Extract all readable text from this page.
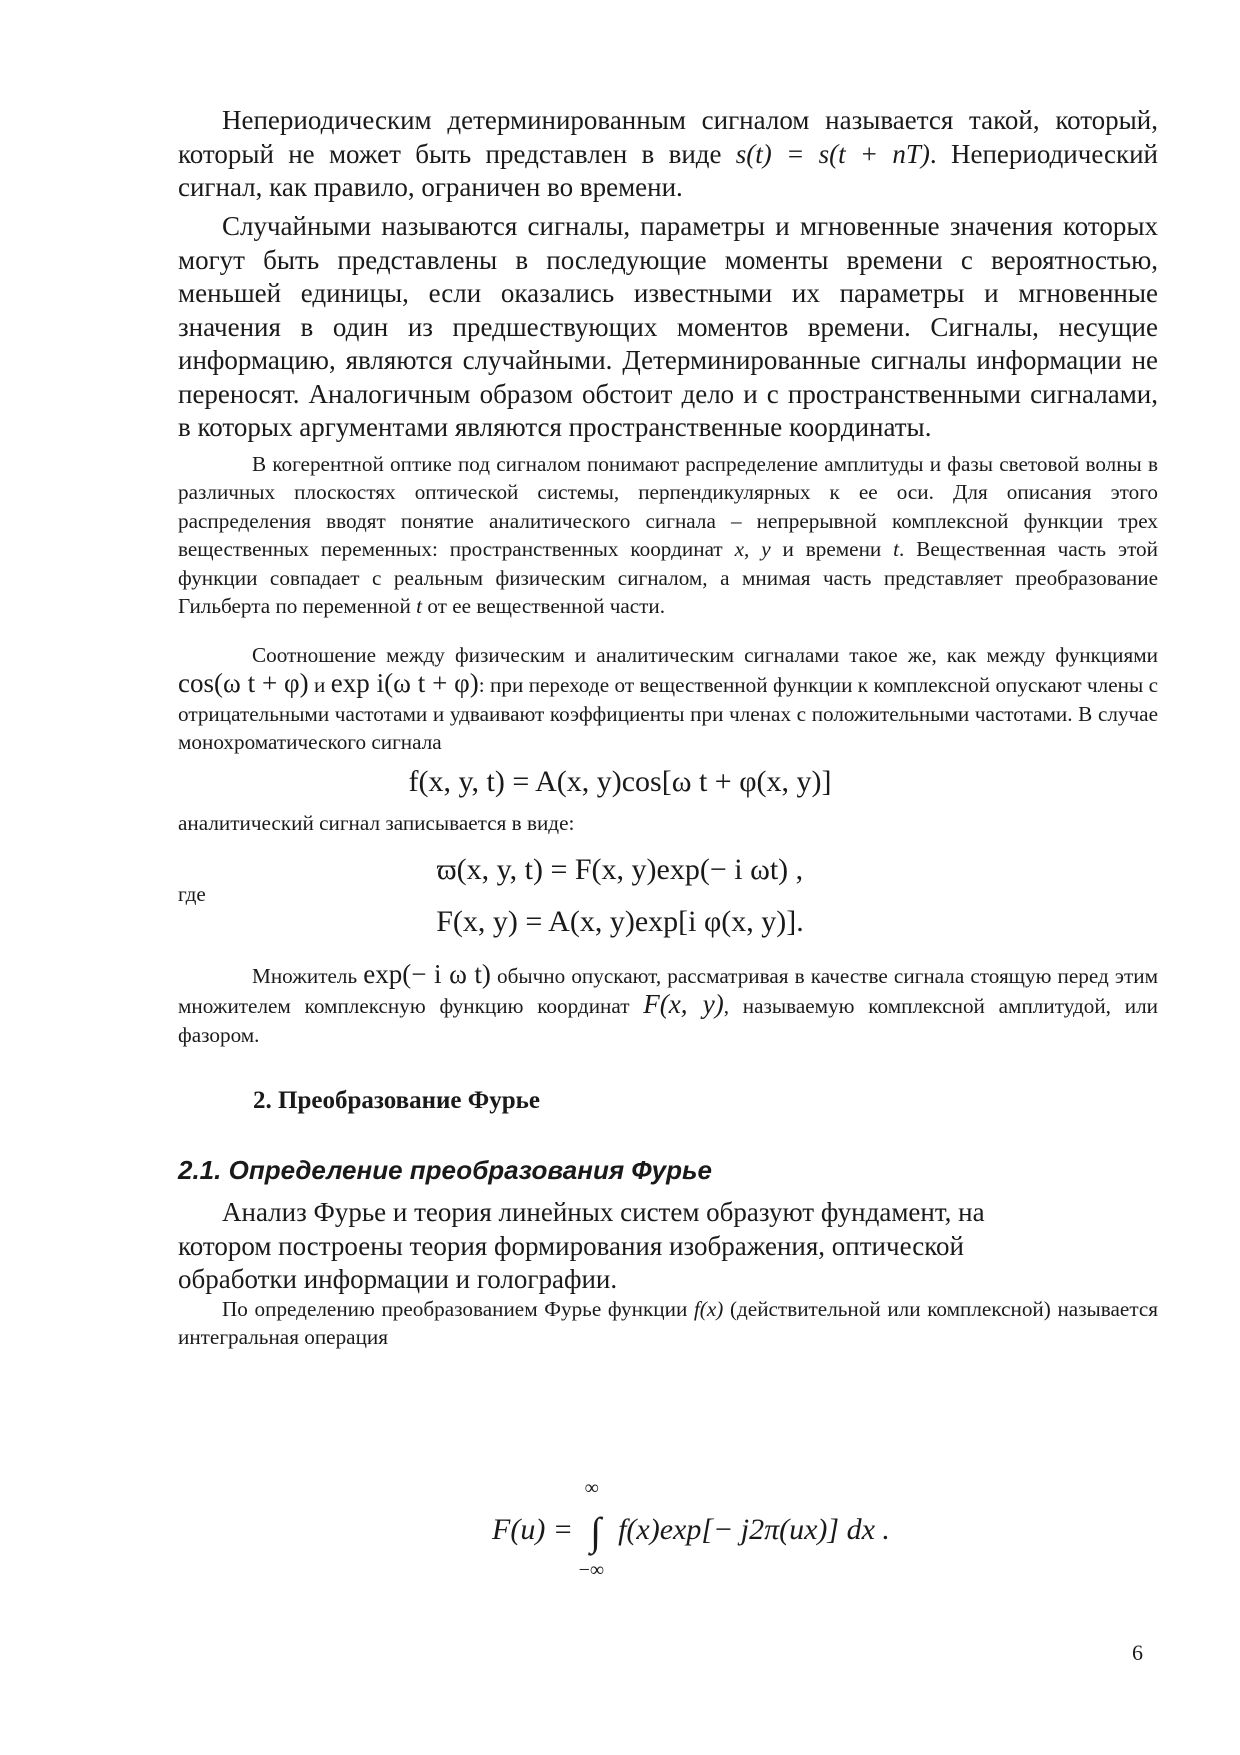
Непериодическим детерминированным сигналом называется такой, который, который не может быть представлен в виде s(t) = s(t + nT). Непериодический сигнал, как правило, ограничен во времени.

Случайными называются сигналы, параметры и мгновенные значения которых могут быть представлены в последующие моменты времени с вероятностью, меньшей единицы, если оказались известными их параметры и мгновенные значения в один из предшествующих моментов времени. Сигналы, несущие информацию, являются случайными. Детерминированные сигналы информации не переносят. Аналогичным образом обстоит дело и с пространственными сигналами, в которых аргументами являются пространственные координаты.

В когерентной оптике под сигналом понимают распределение амплитуды и фазы световой волны в различных плоскостях оптической системы, перпендикулярных к ее оси. Для описания этого распределения вводят понятие аналитического сигнала – непрерывной комплексной функции трех вещественных переменных: пространственных координат x, y и времени t. Вещественная часть этой функции совпадает с реальным физическим сигналом, а мнимая часть представляет преобразование Гильберта по переменной t от ее вещественной части.

Соотношение между физическим и аналитическим сигналами такое же, как между функциями cos(ω t + φ) и exp i(ω t + φ): при переходе от вещественной функции к комплексной опускают члены с отрицательными частотами и удваивают коэффициенты при членах с положительными частотами. В случае монохроматического сигнала

f(x, y, t) = A(x, y)cos[ω t + φ(x, y)]

аналитический сигнал записывается в виде:

ϖ(x, y, t) = F(x, y)exp(− i ωt) ,
где
F(x, y) = A(x, y)exp[i φ(x, y)].

Множитель exp(− i ω t) обычно опускают, рассматривая в качестве сигнала стоящую перед этим множителем комплексную функцию координат F(x, y), называемую комплексной амплитудой, или фазором.

2. Преобразование Фурье
2.1. Определение преобразования Фурье

Анализ Фурье и теория линейных систем образуют фундамент, на котором построены теория формирования изображения, оптической обработки информации и голографии.

По определению преобразованием Фурье функции f(x) (действительной или комплексной) называется интегральная операция

F(u) =
∞
∫
−∞
f(x)exp[− j2π(ux)] dx .
6
